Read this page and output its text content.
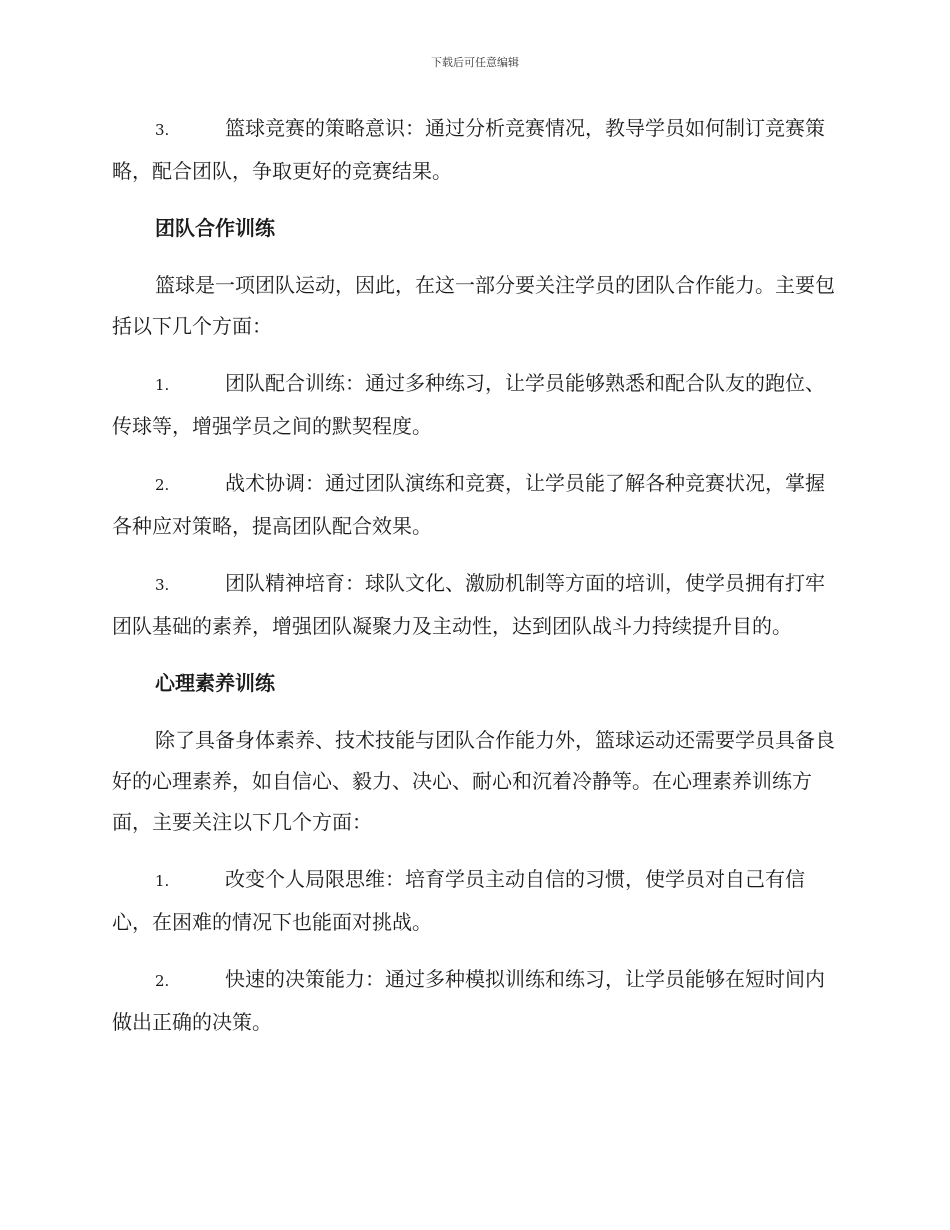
下载后可任意编辑

3.	篮球竞赛的策略意识：通过分析竞赛情况，教导学员如何制订竞赛策略，配合团队，争取更好的竞赛结果。

团队合作训练

篮球是一项团队运动，因此，在这一部分要关注学员的团队合作能力。主要包括以下几个方面：

1.	团队配合训练：通过多种练习，让学员能够熟悉和配合队友的跑位、传球等，增强学员之间的默契程度。

2.	战术协调：通过团队演练和竞赛，让学员能了解各种竞赛状况，掌握各种应对策略，提高团队配合效果。

3.	团队精神培育：球队文化、激励机制等方面的培训，使学员拥有打牢团队基础的素养，增强团队凝聚力及主动性，达到团队战斗力持续提升目的。

心理素养训练

除了具备身体素养、技术技能与团队合作能力外，篮球运动还需要学员具备良好的心理素养，如自信心、毅力、决心、耐心和沉着冷静等。在心理素养训练方面，主要关注以下几个方面：

1.	改变个人局限思维：培育学员主动自信的习惯，使学员对自己有信心，在困难的情况下也能面对挑战。

2.	快速的决策能力：通过多种模拟训练和练习，让学员能够在短时间内做出正确的决策。
